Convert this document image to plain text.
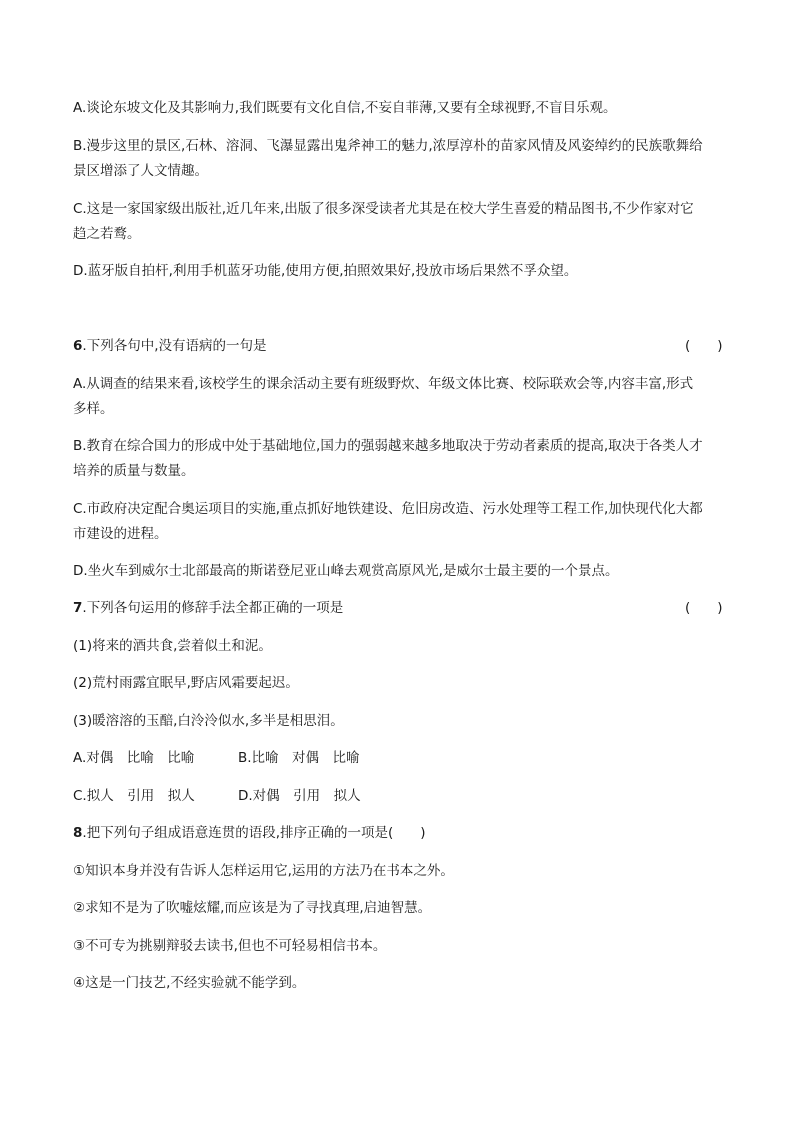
A.谈论东坡文化及其影响力,我们既要有文化自信,不妄自菲薄,又要有全球视野,不盲目乐观。
B.漫步这里的景区,石林、溶洞、飞瀑显露出鬼斧神工的魅力,浓厚淳朴的苗家风情及风姿绰约的民族歌舞给
景区增添了人文情趣。
C.这是一家国家级出版社,近几年来,出版了很多深受读者尤其是在校大学生喜爱的精品图书,不少作家对它
趋之若鹜。
D.蓝牙版自拍杆,利用手机蓝牙功能,使用方便,拍照效果好,投放市场后果然不孚众望。
6.下列各句中,没有语病的一句是	(　　)
A.从调查的结果来看,该校学生的课余活动主要有班级野炊、年级文体比赛、校际联欢会等,内容丰富,形式
多样。
B.教育在综合国力的形成中处于基础地位,国力的强弱越来越多地取决于劳动者素质的提高,取决于各类人才
培养的质量与数量。
C.市政府决定配合奥运项目的实施,重点抓好地铁建设、危旧房改造、污水处理等工程工作,加快现代化大都
市建设的进程。
D.坐火车到威尔士北部最高的斯诺登尼亚山峰去观赏高原风光,是威尔士最主要的一个景点。
7.下列各句运用的修辞手法全都正确的一项是	(　　)
(1)将来的酒共食,尝着似土和泥。
(2)荒村雨露宜眠早,野店风霜要起迟。
(3)暖溶溶的玉醅,白泠泠似水,多半是相思泪。
A.对偶　比喻　比喻	B.比喻　对偶　比喻
C.拟人　引用　拟人	D.对偶　引用　拟人
8.把下列句子组成语意连贯的语段,排序正确的一项是(　　)
①知识本身并没有告诉人怎样运用它,运用的方法乃在书本之外。
②求知不是为了吹嘘炫耀,而应该是为了寻找真理,启迪智慧。
③不可专为挑剔辩驳去读书,但也不可轻易相信书本。
④这是一门技艺,不经实验就不能学到。
